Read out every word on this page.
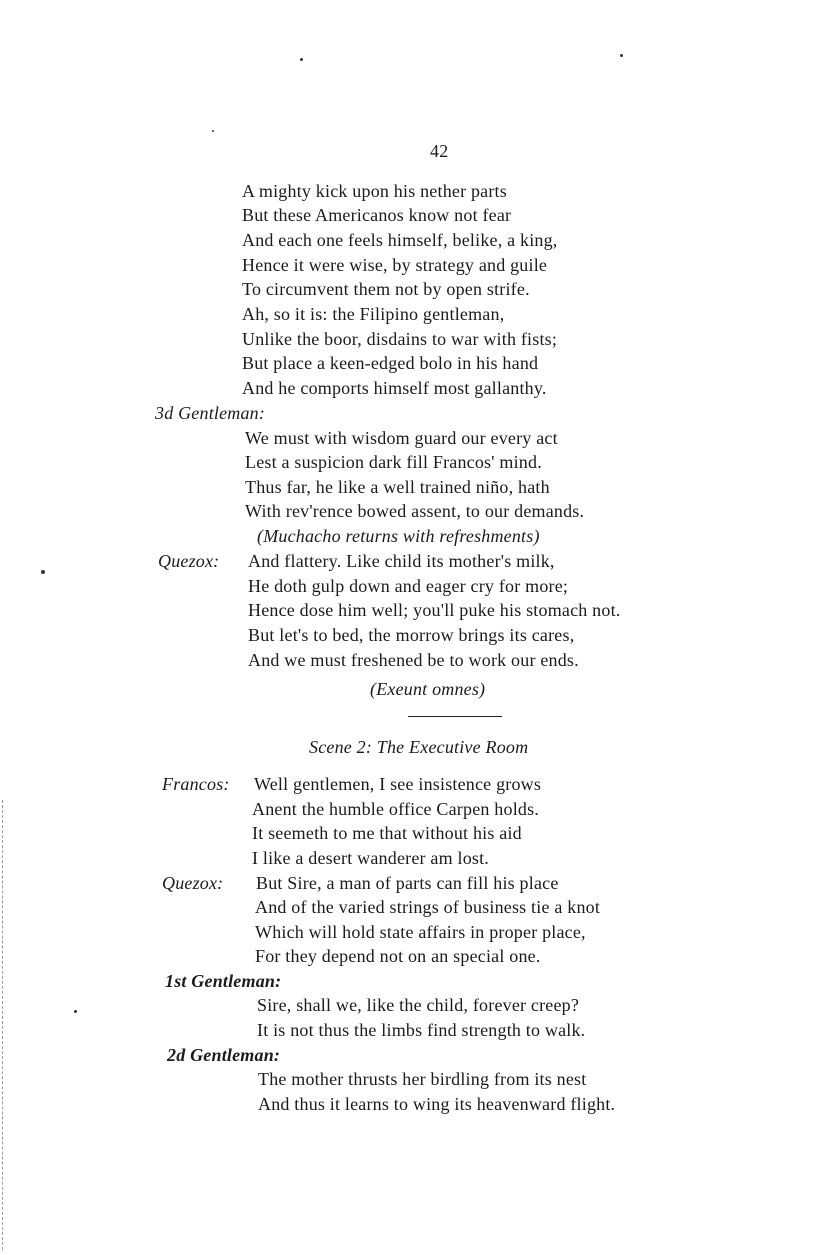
42
A mighty kick upon his nether parts
But these Americanos know not fear
And each one feels himself, belike, a king,
Hence it were wise, by strategy and guile
To circumvent them not by open strife.
Ah, so it is: the Filipino gentleman,
Unlike the boor, disdains to war with fists;
But place a keen-edged bolo in his hand
And he comports himself most gallanthy.
3d Gentleman:
We must with wisdom guard our every act
Lest a suspicion dark fill Francos' mind.
Thus far, he like a well trained niño, hath
With rev'rence bowed assent, to our demands.
(Muchacho returns with refreshments)
Quezox: And flattery. Like child its mother's milk,
He doth gulp down and eager cry for more;
Hence dose him well; you'll puke his stomach not.
But let's to bed, the morrow brings its cares,
And we must freshened be to work our ends.
(Exeunt omnes)
Scene 2: The Executive Room
Francos: Well gentlemen, I see insistence grows
Anent the humble office Carpen holds.
It seemeth to me that without his aid
I like a desert wanderer am lost.
Quezox: But Sire, a man of parts can fill his place
And of the varied strings of business tie a knot
Which will hold state affairs in proper place,
For they depend not on an special one.
1st Gentleman:
Sire, shall we, like the child, forever creep?
It is not thus the limbs find strength to walk.
2d Gentleman:
The mother thrusts her birdling from its nest
And thus it learns to wing its heavenward flight.
